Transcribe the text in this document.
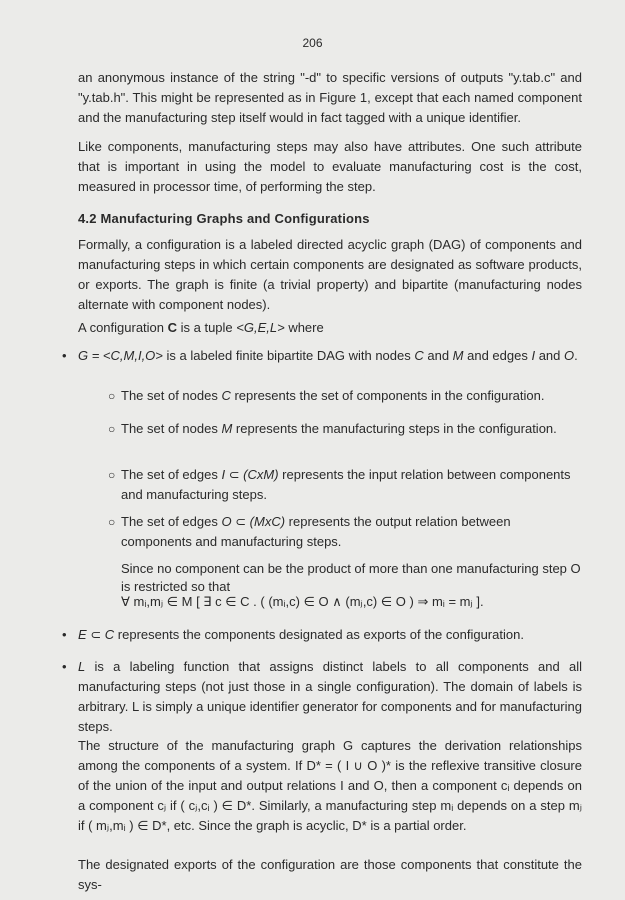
206

an anonymous instance of the string "-d" to specific versions of outputs "y.tab.c" and "y.tab.h". This might be represented as in Figure 1, except that each named component and the manufacturing step itself would in fact tagged with a unique identifier.

Like components, manufacturing steps may also have attributes. One such attribute that is important in using the model to evaluate manufacturing cost is the cost, measured in processor time, of performing the step.

4.2 Manufacturing Graphs and Configurations

Formally, a configuration is a labeled directed acyclic graph (DAG) of components and manufacturing steps in which certain components are designated as software products, or exports. The graph is finite (a trivial property) and bipartite (manufacturing nodes alternate with component nodes).

A configuration C is a tuple <G,E,L> where

• G = <C,M,I,O> is a labeled finite bipartite DAG with nodes C and M and edges I and O.
○ The set of nodes C represents the set of components in the configuration.
○ The set of nodes M represents the manufacturing steps in the configuration.
○ The set of edges I ⊂ (CxM) represents the input relation between components and manufacturing steps.
○ The set of edges O ⊂ (MxC) represents the output relation between components and manufacturing steps.
Since no component can be the product of more than one manufacturing step O is restricted so that
∀ mᵢ,mⱼ ∈ M [ ∃ c ∈ C . ( (mᵢ,c) ∈ O ∧ (mⱼ,c) ∈ O ) ⇒ mᵢ = mⱼ ].
• E ⊂ C represents the components designated as exports of the configuration.
• L is a labeling function that assigns distinct labels to all components and all manufacturing steps (not just those in a single configuration). The domain of labels is arbitrary. L is simply a unique identifier generator for components and for manufacturing steps.

The structure of the manufacturing graph G captures the derivation relationships among the components of a system. If D* = ( I ∪ O )* is the reflexive transitive closure of the union of the input and output relations I and O, then a component cᵢ depends on a component cⱼ if ( cⱼ,cᵢ ) ∈ D*. Similarly, a manufacturing step mᵢ depends on a step mⱼ if ( mⱼ,mᵢ ) ∈ D*, etc. Since the graph is acyclic, D* is a partial order.

The designated exports of the configuration are those components that constitute the sys-
